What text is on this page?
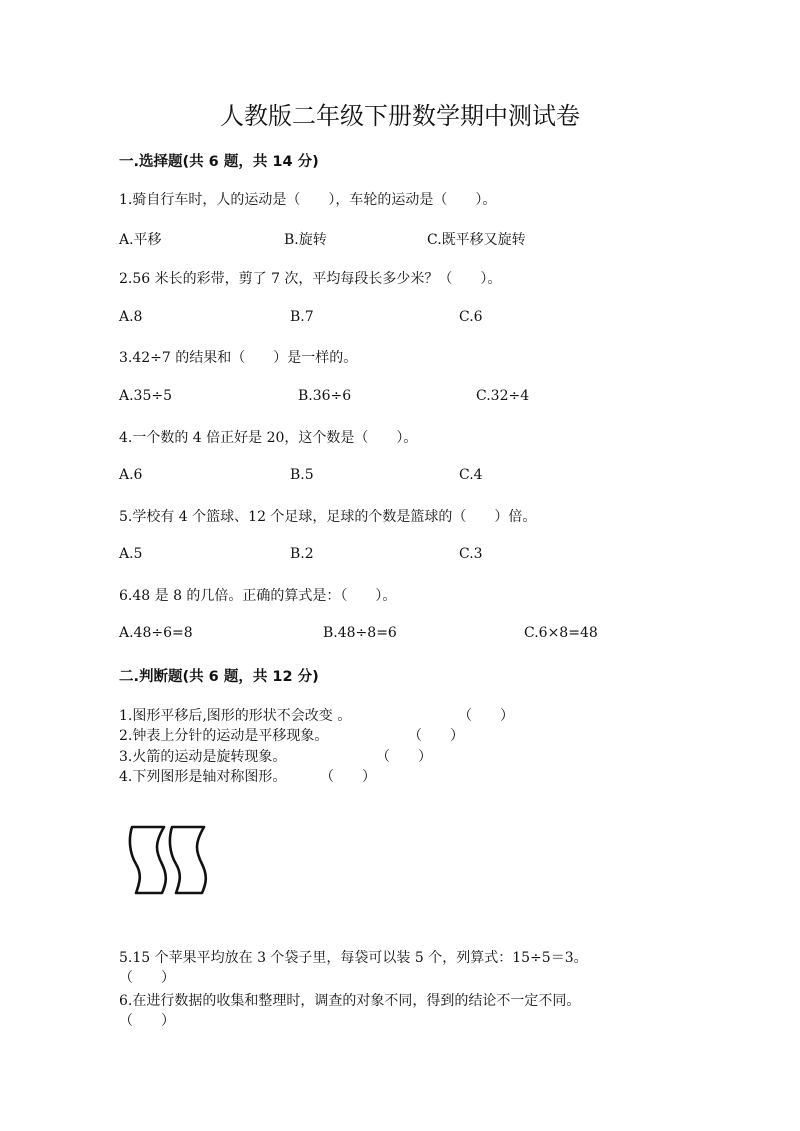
人教版二年级下册数学期中测试卷
一.选择题(共 6 题，共 14 分)
1.骑自行车时，人的运动是（　　），车轮的运动是（　　）。
A.平移	B.旋转	C.既平移又旋转
2.56 米长的彩带，剪了 7 次，平均每段长多少米？（　　）。
A.8	B.7	C.6
3.42÷7 的结果和（　　）是一样的。
A.35÷5	B.36÷6	C.32÷4
4.一个数的 4 倍正好是 20，这个数是（　　）。
A.6	B.5	C.4
5.学校有 4 个篮球、12 个足球，足球的个数是篮球的（　　）倍。
A.5	B.2	C.3
6.48 是 8 的几倍。正确的算式是：（　　）。
A.48÷6=8	B.48÷8=6	C.6×8=48
二.判断题(共 6 题，共 12 分)
1.图形平移后,图形的形状不会改变 。	（　　）
2.钟表上分针的运动是平移现象。	（　　）
3.火箭的运动是旋转现象。	（　　）
4.下列图形是轴对称图形。 （　　）
5.15 个苹果平均放在 3 个袋子里，每袋可以装 5 个，列算式：15÷5＝3。
（　　）
6.在进行数据的收集和整理时，调查的对象不同，得到的结论不一定不同。
（　　）
